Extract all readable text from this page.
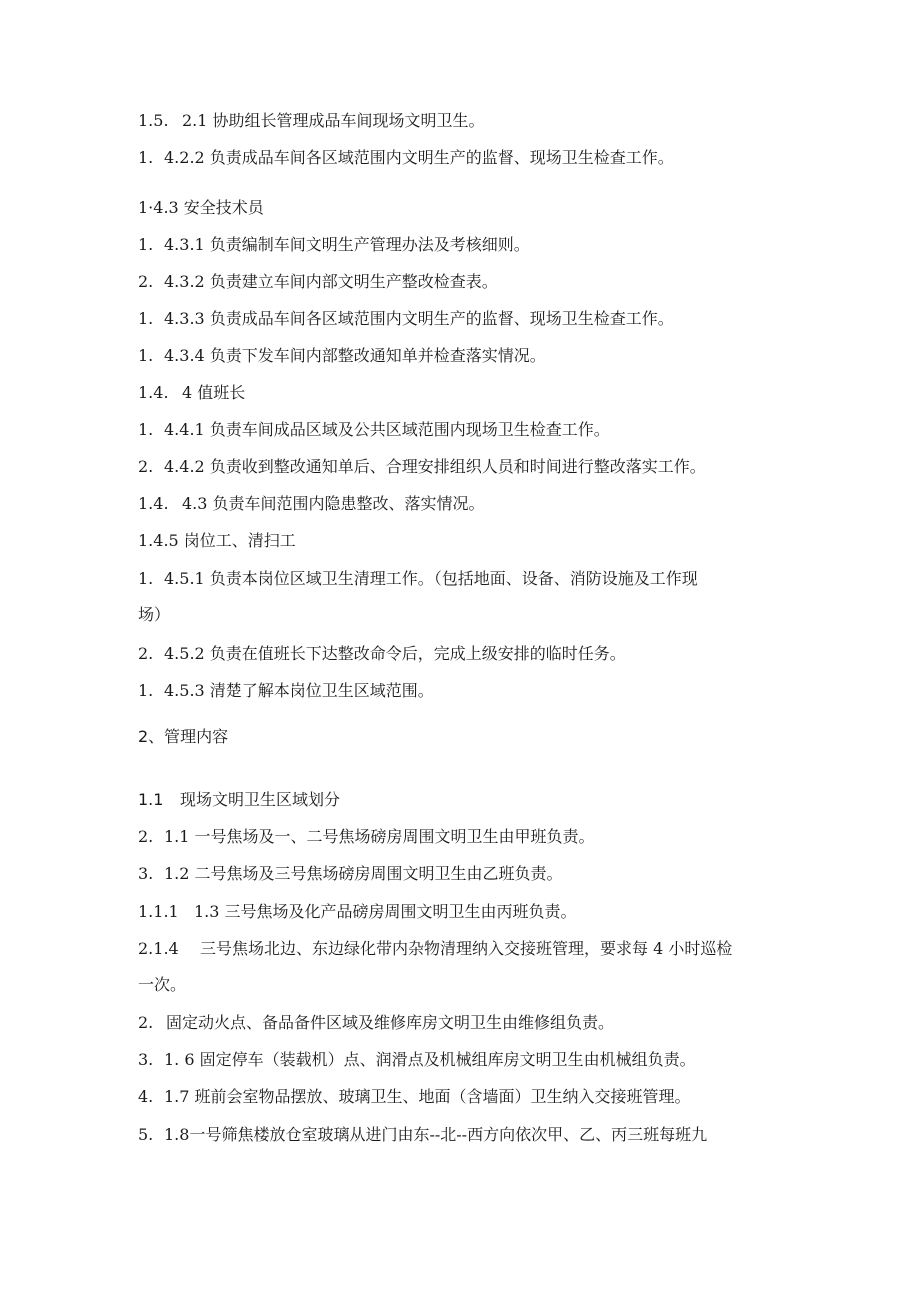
1.5. 2.1 协助组长管理成品车间现场文明卫生。
1. 4.2.2 负责成品车间各区域范围内文明生产的监督、现场卫生检查工作。
1·4.3 安全技术员
1. 4.3.1 负责编制车间文明生产管理办法及考核细则。
2. 4.3.2 负责建立车间内部文明生产整改检查表。
1. 4.3.3 负责成品车间各区域范围内文明生产的监督、现场卫生检查工作。
1. 4.3.4 负责下发车间内部整改通知单并检查落实情况。
1.4. 4 值班长
1. 4.4.1 负责车间成品区域及公共区域范围内现场卫生检查工作。
2. 4.4.2 负责收到整改通知单后、合理安排组织人员和时间进行整改落实工作。
1.4. 4.3 负责车间范围内隐患整改、落实情况。
1.4.5 岗位工、清扫工
1. 4.5.1 负责本岗位区域卫生清理工作。（包括地面、设备、消防设施及工作现
场）
2. 4.5.2 负责在值班长下达整改命令后，完成上级安排的临时任务。
1. 4.5.3 清楚了解本岗位卫生区域范围。
2、管理内容
1.1 现场文明卫生区域划分
2. 1.1 一号焦场及一、二号焦场磅房周围文明卫生由甲班负责。
3. 1.2 二号焦场及三号焦场磅房周围文明卫生由乙班负责。
1.1.1 1.3 三号焦场及化产品磅房周围文明卫生由丙班负责。
2.1.4 三号焦场北边、东边绿化带内杂物清理纳入交接班管理，要求每 4 小时巡检
一次。
2. 固定动火点、备品备件区域及维修库房文明卫生由维修组负责。
3. 1. 6 固定停车（装载机）点、润滑点及机械组库房文明卫生由机械组负责。
4. 1.7 班前会室物品摆放、玻璃卫生、地面（含墙面）卫生纳入交接班管理。
5. 1.8一号筛焦楼放仓室玻璃从进门由东--北--西方向依次甲、乙、丙三班每班九
